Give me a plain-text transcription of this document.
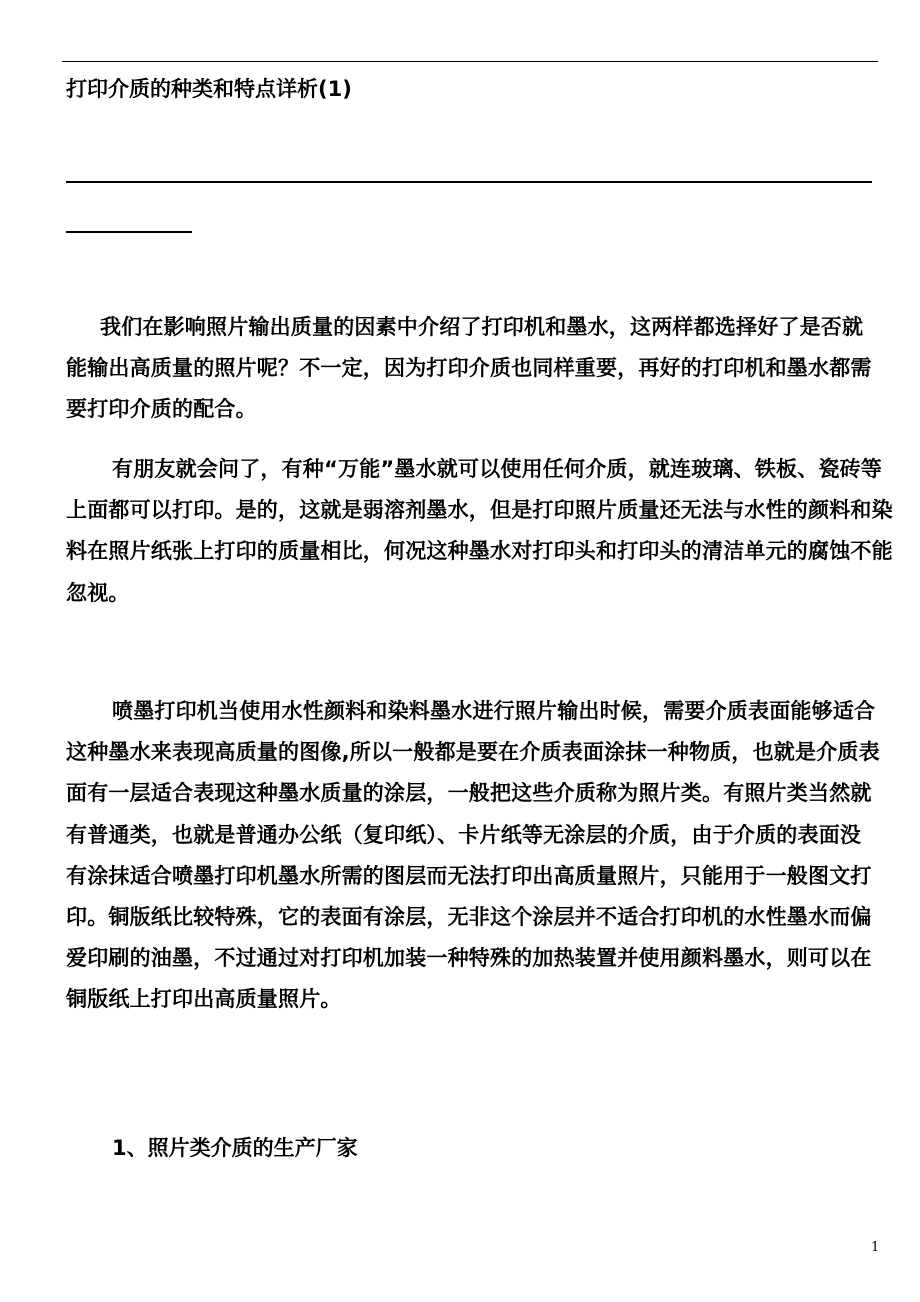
打印介质的种类和特点详析(1)

我们在影响照片输出质量的因素中介绍了打印机和墨水，这两样都选择好了是否就能输出高质量的照片呢？不一定，因为打印介质也同样重要，再好的打印机和墨水都需要打印介质的配合。

有朋友就会问了，有种“万能”墨水就可以使用任何介质，就连玻璃、铁板、瓷砖等上面都可以打印。是的，这就是弱溶剂墨水，但是打印照片质量还无法与水性的颜料和染料在照片纸张上打印的质量相比，何况这种墨水对打印头和打印头的清洁单元的腐蚀不能忽视。

喷墨打印机当使用水性颜料和染料墨水进行照片输出时候，需要介质表面能够适合这种墨水来表现高质量的图像,所以一般都是要在介质表面涂抹一种物质，也就是介质表面有一层适合表现这种墨水质量的涂层，一般把这些介质称为照片类。有照片类当然就有普通类，也就是普通办公纸（复印纸）、卡片纸等无涂层的介质，由于介质的表面没有涂抹适合喷墨打印机墨水所需的图层而无法打印出高质量照片，只能用于一般图文打印。铜版纸比较特殊，它的表面有涂层，无非这个涂层并不适合打印机的水性墨水而偏爱印刷的油墨，不过通过对打印机加装一种特殊的加热装置并使用颜料墨水，则可以在铜版纸上打印出高质量照片。

1、照片类介质的生产厂家
1
